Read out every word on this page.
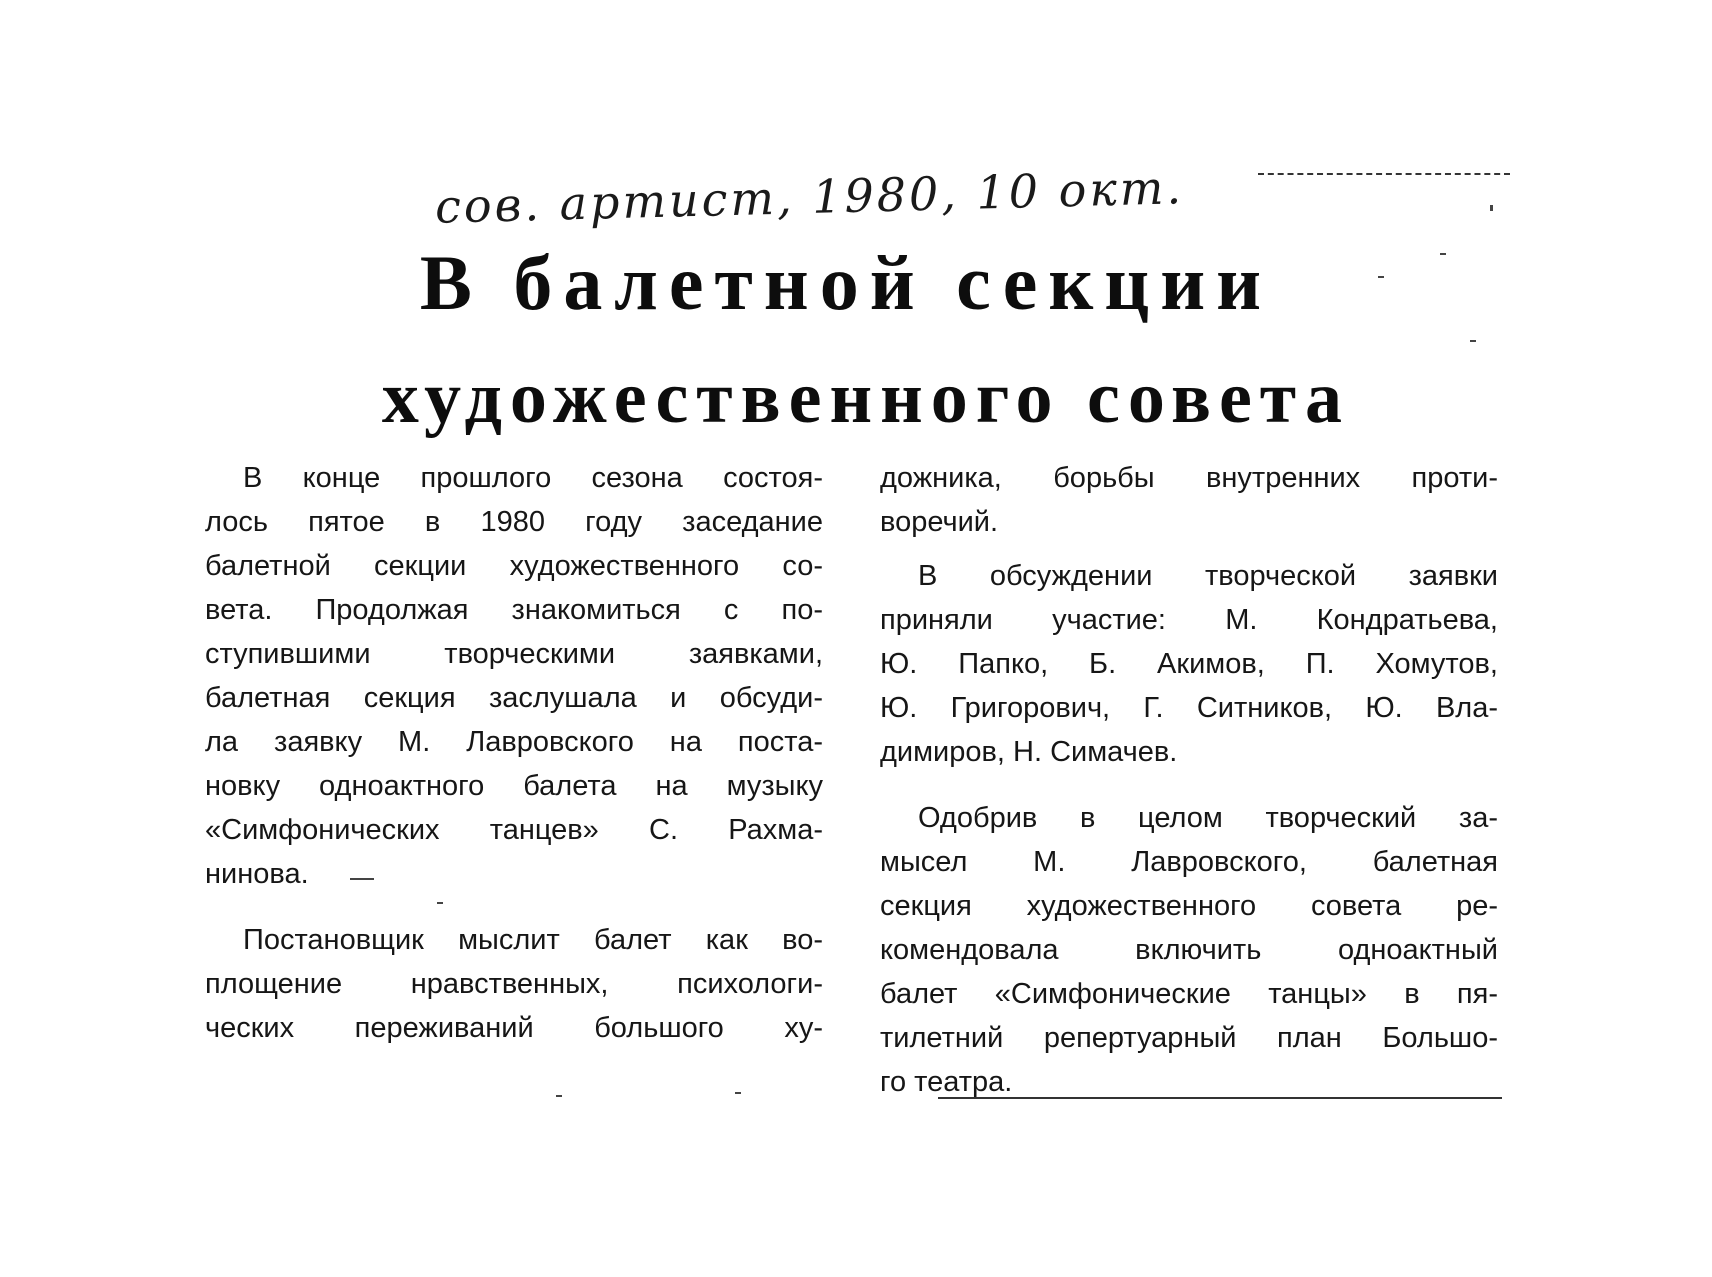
сов. артист, 1980, 10 окт.
В балетной секции
художественного совета
В конце прошлого сезона состоя-
лось пятое в 1980 году заседание
балетной секции художественного со-
вета. Продолжая знакомиться с по-
ступившими творческими заявками,
балетная секция заслушала и обсуди-
ла заявку М. Лавровского на поста-
новку одноактного балета на музыку
«Симфонических танцев» С. Рахма-
нинова.
Постановщик мыслит балет как во-
площение нравственных, психологи-
ческих переживаний большого ху-
дожника, борьбы внутренних проти-
воречий.
В обсуждении творческой заявки
приняли участие: М. Кондратьева,
Ю. Папко, Б. Акимов, П. Хомутов,
Ю. Григорович, Г. Ситников, Ю. Вла-
димиров, Н. Симачев.
Одобрив в целом творческий за-
мысел М. Лавровского, балетная
секция художественного совета ре-
комендовала включить одноактный
балет «Симфонические танцы» в пя-
тилетний репертуарный план Большо-
го театра.
